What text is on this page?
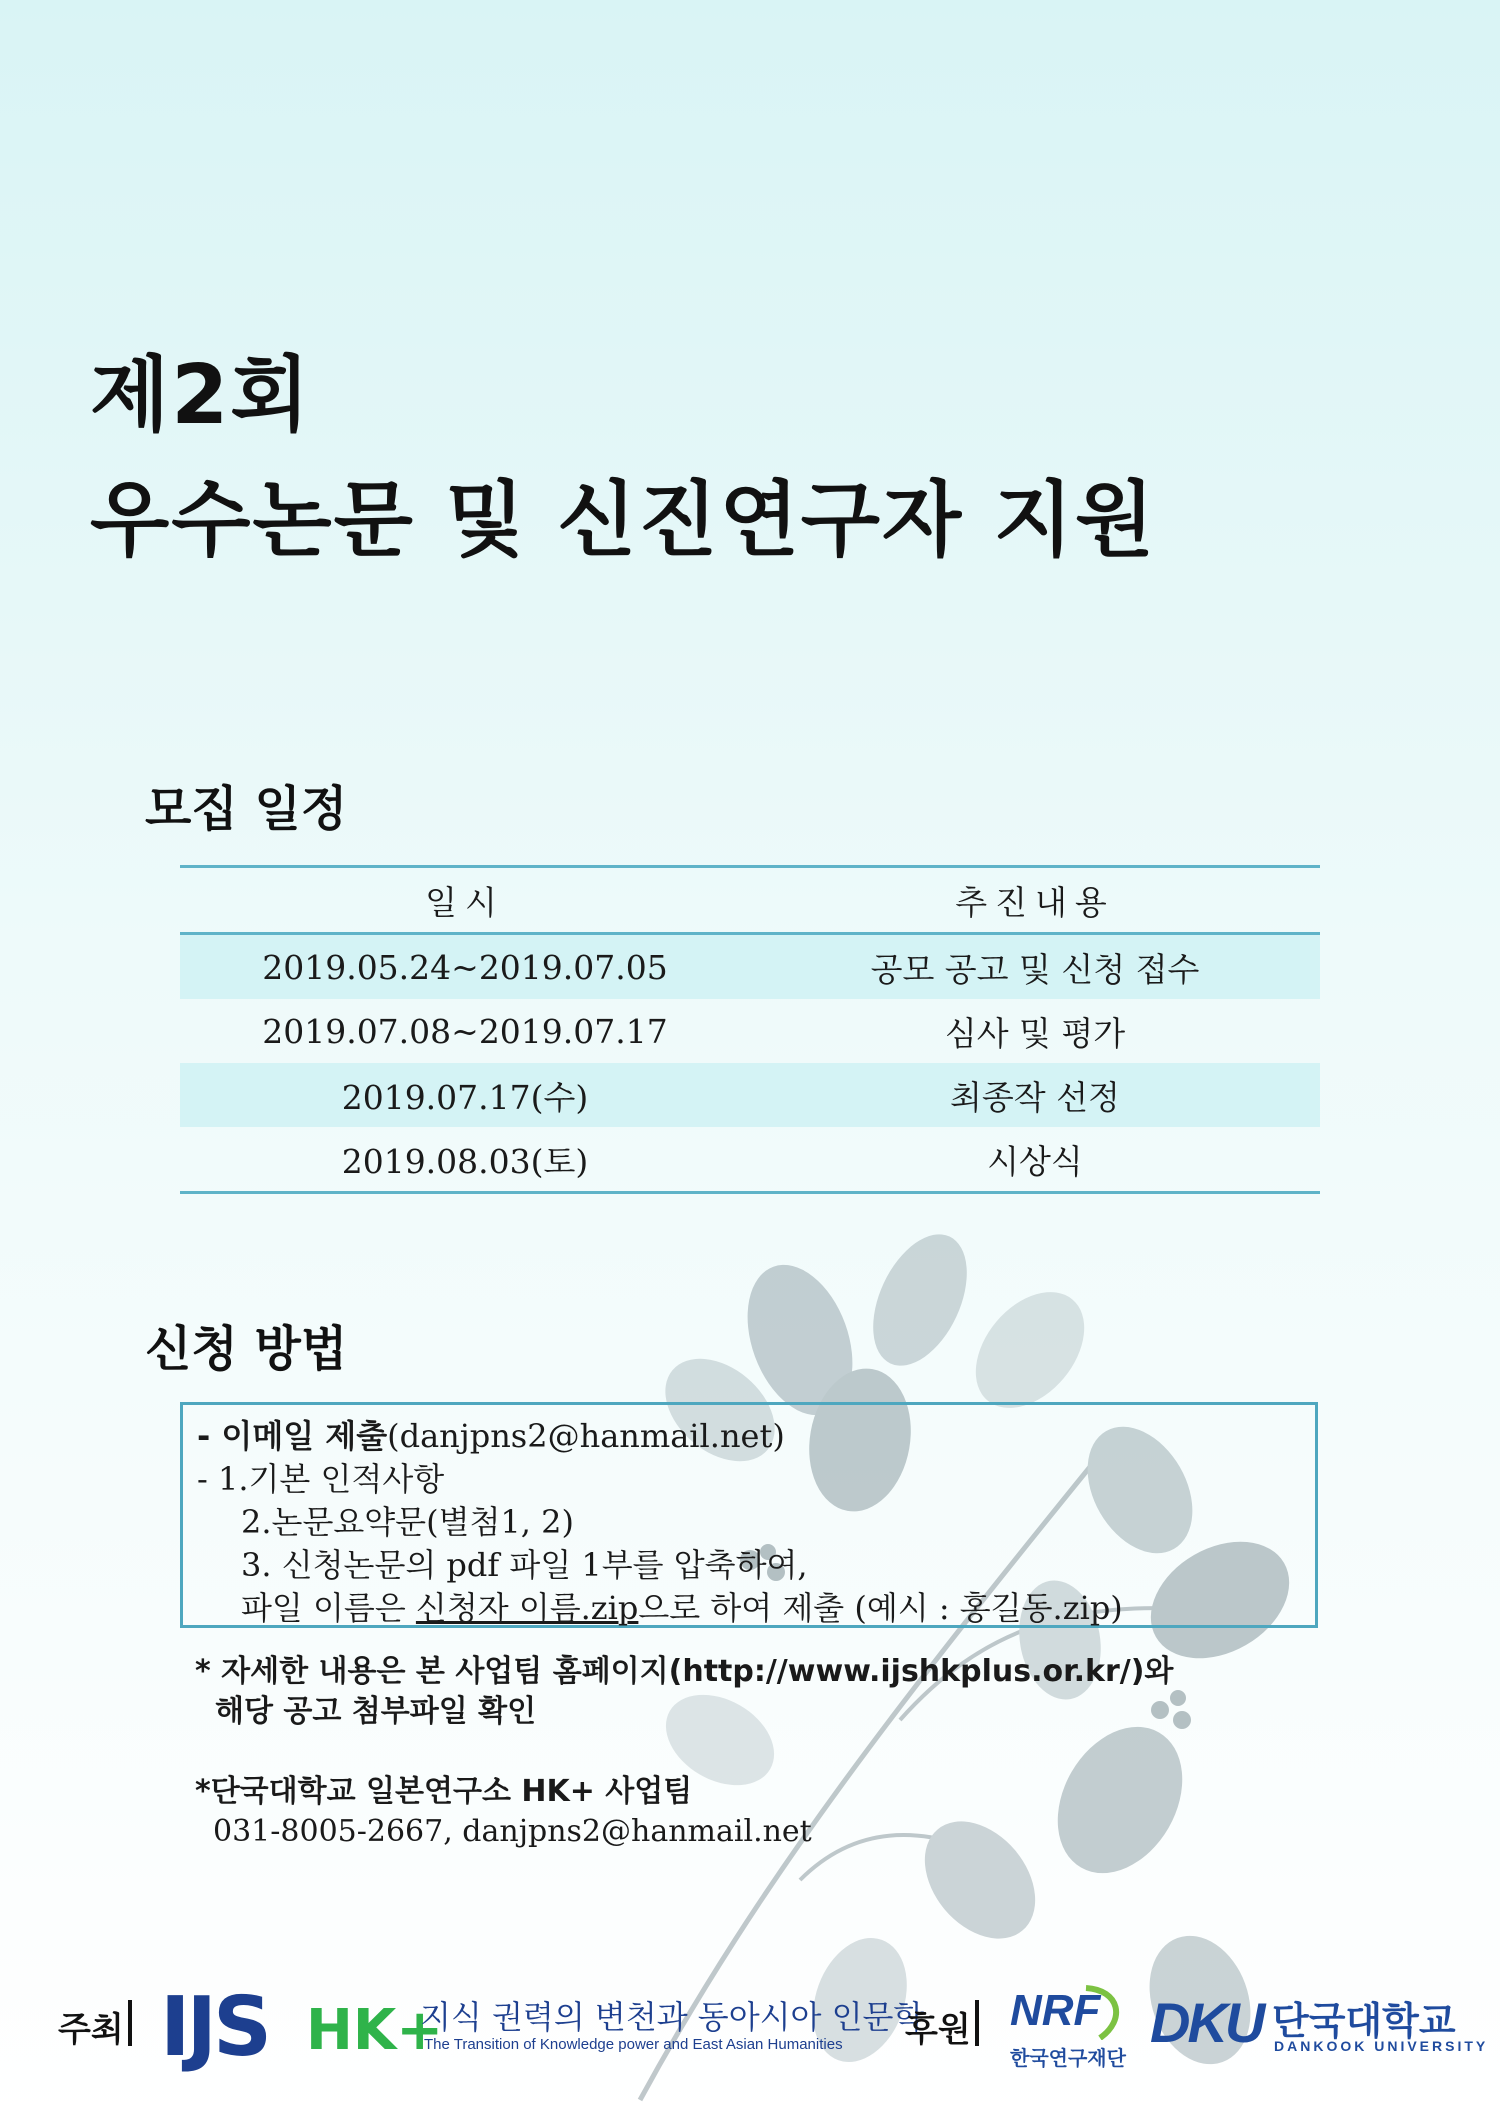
제2회
우수논문 및 신진연구자 지원
모집 일정
일시	추진내용
2019.05.24~2019.07.05	공모 공고 및 신청 접수
2019.07.08~2019.07.17	심사 및 평가
2019.07.17(수)	최종작 선정
2019.08.03(토)	시상식
신청 방법
- 이메일 제출(danjpns2@hanmail.net)
- 1.기본 인적사항
2.논문요약문(별첨1, 2)
3. 신청논문의 pdf 파일 1부를 압축하여,
파일 이름은 신청자 이름.zip으로 하여 제출 (예시 : 홍길동.zip)
* 자세한 내용은 본 사업팀 홈페이지(http://www.ijshkplus.or.kr/)와
해당 공고 첨부파일 확인
*단국대학교 일본연구소 HK+ 사업팀
031-8005-2667, danjpns2@hanmail.net
주최 IJS HK+
지식 권력의 변천과 동아시아 인문학
The Transition of Knowledge power and East Asian Humanities 후원 NRF
한국연구재단
DKU 단국대학교
DANKOOK UNIVERSITY
